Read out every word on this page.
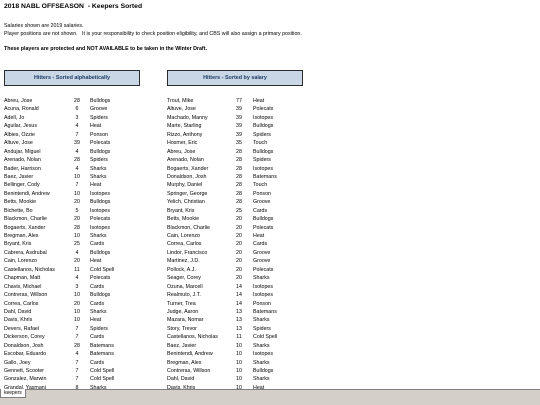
2018 NABL OFFSEASON  - Keepers Sorted
Salaries shown are 2019 salaries.
Player positions are not shown.   It is your responsibility to check position eligibility, and CBS will also assign a primary position.
These players are protected and NOT AVAILABLE to be taken in the Winter Draft.
Hitters - Sorted alphabetically	Hitters - Sorted by salary
Abreu, Jose	28	Bulldogs
Acuna, Ronald	6	Groove
Adell, Jo	3	Spiders
Aguilar, Jesus	4	Heat
Albies, Ozzie	7	Ponson
Altuve, Jose	39	Polecats
Andujar, Miguel	4	Bulldogs
Arenado, Nolan	28	Spiders
Bader, Harrison	4	Sharks
Baez, Javier	10	Sharks
Bellinger, Cody	7	Heat
Benintendi, Andrew	10	Isotopes
Betts, Mookie	20	Bulldogs
Bichette, Bo	5	Isotopes
Blackmon, Charlie	20	Polecats
Bogaerts, Xander	28	Isotopes
Bregman, Alex	10	Sharks
Bryant, Kris	25	Cards
Cabrera, Asdrubal	4	Bulldogs
Cain, Lorenzo	20	Heat
Castellanos, Nicholas	11	Cold Spell
Chapman, Matt	4	Polecats
Chavis, Michael	3	Cards
Contreras, Willson	10	Bulldogs
Correa, Carlos	20	Cards
Dahl, David	10	Sharks
Davis, Khris	10	Heat
Devers, Rafael	7	Spiders
Dickerson, Corey	7	Cards
Donaldson, Josh	28	Batemans
Escobar, Eduardo	4	Batemans
Gallo, Joey	7	Cards
Gennett, Scooter	7	Cold Spell
Gonzalez, Marwin	7	Cold Spell
Grandal, Yasmani	8	Sharks
Trout, Mike	77	Heat
Altuve, Jose	39	Polecats
Machado, Manny	39	Isotopes
Marte, Starling	39	Bulldogs
Rizzo, Anthony	39	Spiders
Hosmer, Eric	35	Touch
Abreu, Jose	28	Bulldogs
Arenado, Nolan	28	Spiders
Bogaerts, Xander	28	Isotopes
Donaldson, Josh	28	Batemans
Murphy, Daniel	28	Touch
Springer, George	28	Ponson
Yelich, Christian	28	Groove
Bryant, Kris	25	Cards
Betts, Mookie	20	Bulldogs
Blackmon, Charlie	20	Polecats
Cain, Lorenzo	20	Heat
Correa, Carlos	20	Cards
Lindor, Francisco	20	Groove
Martinez, J.D.	20	Groove
Pollock, A.J.	20	Polecats
Seager, Corey	20	Sharks
Ozuna, Marcell	14	Isotopes
Realmuto, J.T.	14	Isotopes
Turner, Trea	14	Ponson
Judge, Aaron	13	Batemans
Mazara, Nomar	13	Sharks
Story, Trevor	13	Spiders
Castellanos, Nicholas	11	Cold Spell
Baez, Javier	10	Sharks
Benintendi, Andrew	10	Isotopes
Bregman, Alex	10	Sharks
Contreras, Willson	10	Bulldogs
Dahl, David	10	Sharks
Davis, Khris	10	Heat
keepers
